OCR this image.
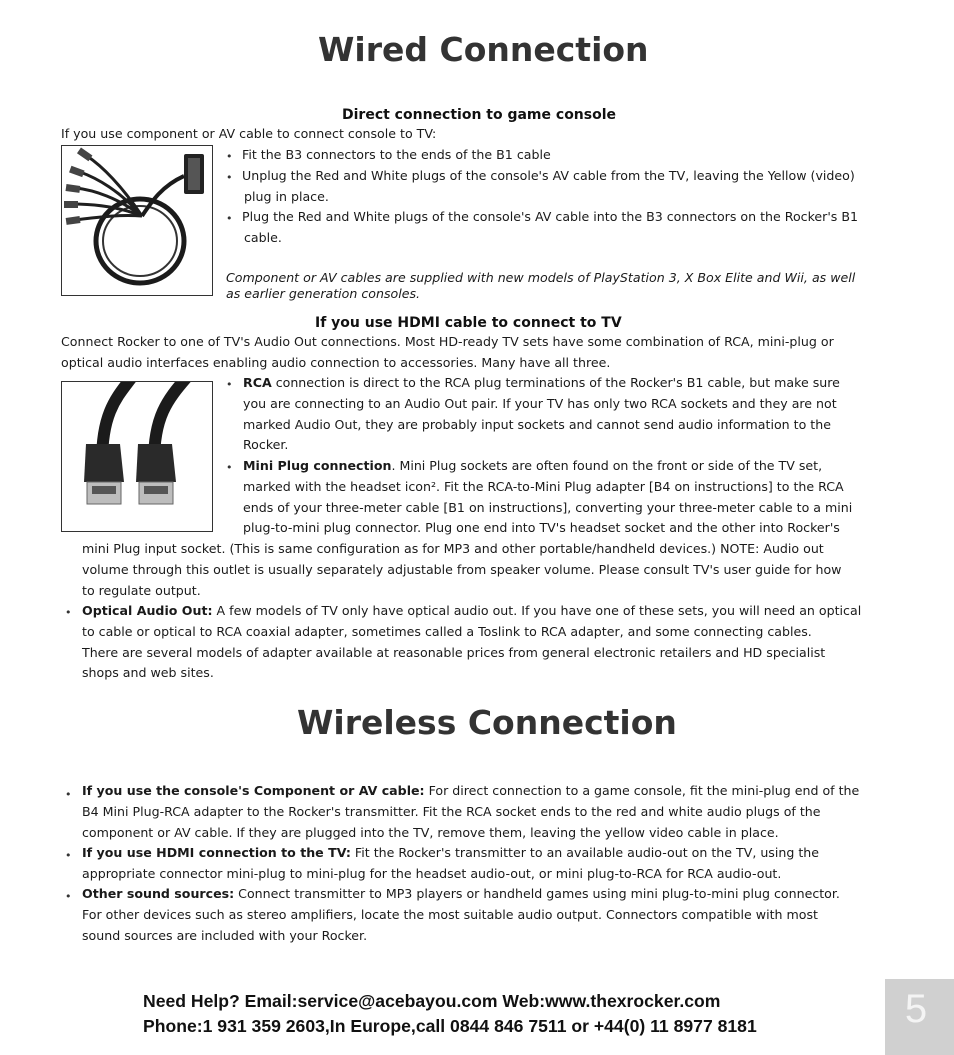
Wired Connection
Direct connection to game console
If you use component or AV cable to connect console to TV:
• Fit the B3 connectors to the ends of the B1 cable
• Unplug the Red and White plugs of the console's AV cable from the TV, leaving the Yellow (video)
plug in place.
• Plug the Red and White plugs of the console's AV cable into the B3 connectors on the Rocker's B1
cable.
Component or AV cables are supplied with new models of PlayStation 3, X Box Elite and Wii, as well
as earlier generation consoles.
If you use HDMI cable to connect to TV
Connect Rocker to one of TV's Audio Out connections. Most HD-ready TV sets have some combination of RCA, mini-plug or
optical audio interfaces enabling audio connection to accessories. Many have all three.
• RCA connection is direct to the RCA plug terminations of the Rocker's B1 cable, but make sure
you are connecting to an Audio Out pair. If your TV has only two RCA sockets and they are not
marked Audio Out, they are probably input sockets and cannot send audio information to the
Rocker.
• Mini Plug connection. Mini Plug sockets are often found on the front or side of the TV set,
marked with the headset icon². Fit the RCA-to-Mini Plug adapter [B4 on instructions] to the RCA
ends of your three-meter cable [B1 on instructions], converting your three-meter cable to a mini
plug-to-mini plug connector. Plug one end into TV's headset socket and the other into Rocker's
mini Plug input socket. (This is same configuration as for MP3 and other portable/handheld devices.) NOTE: Audio out
volume through this outlet is usually separately adjustable from speaker volume. Please consult TV's user guide for how
to regulate output.
• Optical Audio Out: A few models of TV only have optical audio out. If you have one of these sets, you will need an optical
to cable or optical to RCA coaxial adapter, sometimes called a Toslink to RCA adapter, and some connecting cables.
There are several models of adapter available at reasonable prices from general electronic retailers and HD specialist
shops and web sites.
Wireless Connection
• If you use the console's Component or AV cable: For direct connection to a game console, fit the mini-plug end of the
B4 Mini Plug-RCA adapter to the Rocker's transmitter. Fit the RCA socket ends to the red and white audio plugs of the
component or AV cable. If they are plugged into the TV, remove them, leaving the yellow video cable in place.
• If you use HDMI connection to the TV: Fit the Rocker's transmitter to an available audio-out on the TV, using the
appropriate connector mini-plug to mini-plug for the headset audio-out, or mini plug-to-RCA for RCA audio-out.
• Other sound sources: Connect transmitter to MP3 players or handheld games using mini plug-to-mini plug connector.
For other devices such as stereo amplifiers, locate the most suitable audio output. Connectors compatible with most
sound sources are included with your Rocker.
Need Help? Email:service@acebayou.com Web:www.thexrocker.com
Phone:1 931 359 2603,In Europe,call 0844 846 7511 or +44(0) 11 8977 8181	5
